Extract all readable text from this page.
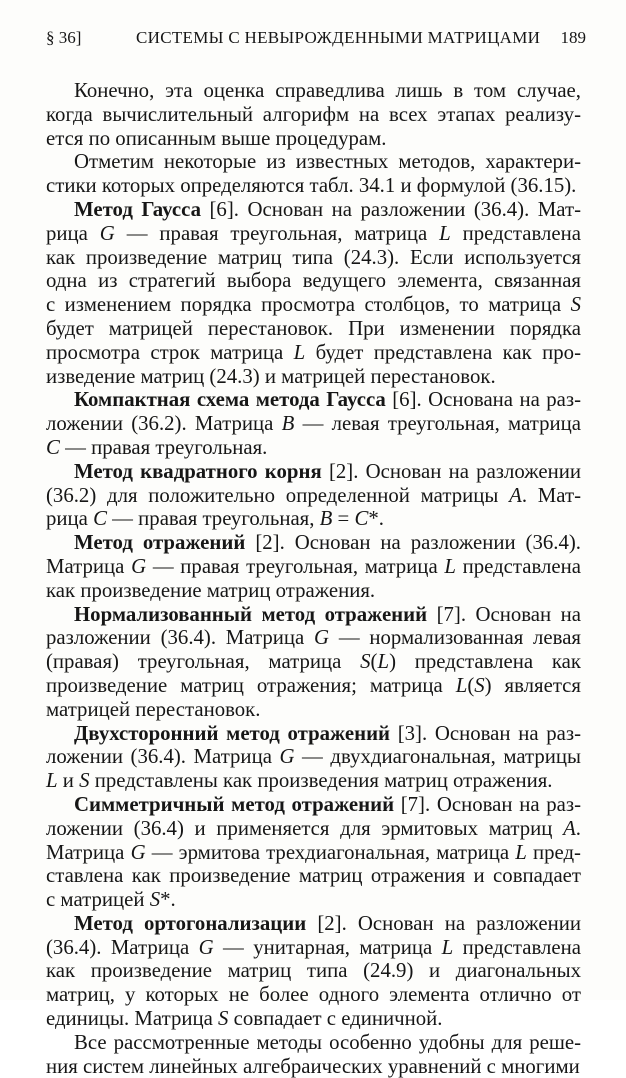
§ 36]	СИСТЕМЫ С НЕВЫРОЖДЕННЫМИ МАТРИЦАМИ 189
Конечно, эта оценка справедлива лишь в том случае,
когда вычислительный алгорифм на всех этапах реализу-
ется по описанным выше процедурам.
Отметим некоторые из известных методов, характери-
стики которых определяются табл. 34.1 и формулой (36.15).
Метод Гаусса [6]. Основан на разложении (36.4). Мат-
рица G — правая треугольная, матрица L представлена
как произведение матриц типа (24.3). Если используется
одна из стратегий выбора ведущего элемента, связанная
с изменением порядка просмотра столбцов, то матрица S
будет матрицей перестановок. При изменении порядка
просмотра строк матрица L будет представлена как про-
изведение матриц (24.3) и матрицей перестановок.
Компактная схема метода Гаусса [6]. Основана на раз-
ложении (36.2). Матрица B — левая треугольная, матрица
C — правая треугольная.
Метод квадратного корня [2]. Основан на разложении
(36.2) для положительно определенной матрицы A. Мат-
рица C — правая треугольная, B = C*.
Метод отражений [2]. Основан на разложении (36.4).
Матрица G — правая треугольная, матрица L представлена
как произведение матриц отражения.
Нормализованный метод отражений [7]. Основан на
разложении (36.4). Матрица G — нормализованная левая
(правая) треугольная, матрица S(L) представлена как
произведение матриц отражения; матрица L(S) является
матрицей перестановок.
Двухсторонний метод отражений [3]. Основан на раз-
ложении (36.4). Матрица G — двухдиагональная, матрицы
L и S представлены как произведения матриц отражения.
Симметричный метод отражений [7]. Основан на раз-
ложении (36.4) и применяется для эрмитовых матриц A.
Матрица G — эрмитова трехдиагональная, матрица L пред-
ставлена как произведение матриц отражения и совпадает
с матрицей S*.
Метод ортогонализации [2]. Основан на разложении
(36.4). Матрица G — унитарная, матрица L представлена
как произведение матриц типа (24.9) и диагональных
матриц, у которых не более одного элемента отлично от
единицы. Матрица S совпадает с единичной.
Все рассмотренные методы особенно удобны для реше-
ния систем линейных алгебраических уравнений с многими
